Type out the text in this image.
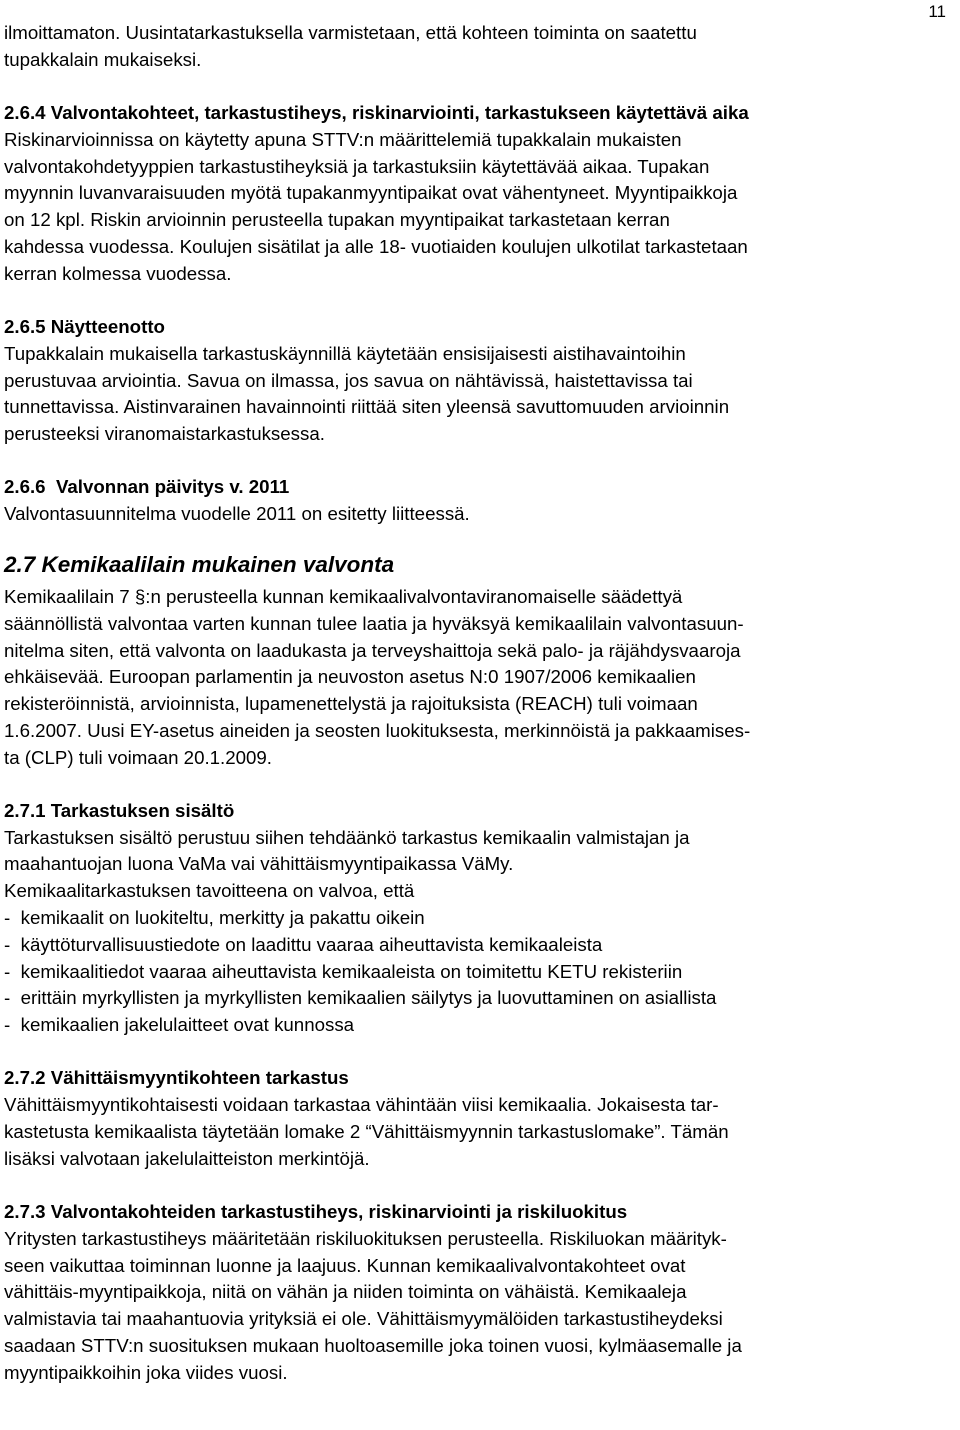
11

ilmoittamaton. Uusintatarkastuksella varmistetaan, että kohteen toiminta on saatettu

tupakkalain mukaiseksi.

2.6.4 Valvontakohteet, tarkastustiheys, riskinarviointi, tarkastukseen käytettävä aika

Riskinarvioinnissa on käytetty apuna STTV:n määrittelemiä tupakkalain mukaisten

valvontakohdetyyppien tarkastustiheyksiä ja tarkastuksiin käytettävää aikaa. Tupakan

myynnin luvanvaraisuuden myötä tupakanmyyntipaikat ovat vähentyneet. Myyntipaikkoja

on 12 kpl. Riskin arvioinnin perusteella tupakan myyntipaikat tarkastetaan kerran

kahdessa vuodessa. Koulujen sisätilat ja alle 18- vuotiaiden koulujen ulkotilat tarkastetaan

kerran kolmessa vuodessa.

2.6.5 Näytteenotto

Tupakkalain mukaisella tarkastuskäynnillä käytetään ensisijaisesti aistihavaintoihin

perustuvaa arviointia. Savua on ilmassa, jos savua on nähtävissä, haistettavissa tai

tunnettavissa. Aistinvarainen havainnointi riittää siten yleensä savuttomuuden arvioinnin

perusteeksi viranomaistarkastuksessa.

2.6.6  Valvonnan päivitys v. 2011

Valvontasuunnitelma vuodelle 2011 on esitetty liitteessä.

2.7 Kemikaalilain mukainen valvonta

Kemikaalilain 7 §:n perusteella kunnan kemikaalivalvontaviranomaiselle säädettyä

säännöllistä valvontaa varten kunnan tulee laatia ja hyväksyä kemikaalilain valvontasuun-

nitelma siten, että valvonta on laadukasta ja terveyshaittoja sekä palo- ja räjähdysvaaroja

ehkäisevää. Euroopan parlamentin ja neuvoston asetus N:0 1907/2006 kemikaalien

rekisteröinnistä, arvioinnista, lupamenettelystä ja rajoituksista (REACH) tuli voimaan

1.6.2007. Uusi EY-asetus aineiden ja seosten luokituksesta, merkinnöistä ja pakkaamises-

ta (CLP) tuli voimaan 20.1.2009.

2.7.1 Tarkastuksen sisältö

Tarkastuksen sisältö perustuu siihen tehdäänkö tarkastus kemikaalin valmistajan ja

maahantuojan luona VaMa vai vähittäismyyntipaikassa VäMy.

Kemikaalitarkastuksen tavoitteena on valvoa, että

-  kemikaalit on luokiteltu, merkitty ja pakattu oikein

-  käyttöturvallisuustiedote on laadittu vaaraa aiheuttavista kemikaaleista

-  kemikaalitiedot vaaraa aiheuttavista kemikaaleista on toimitettu KETU rekisteriin

-  erittäin myrkyllisten ja myrkyllisten kemikaalien säilytys ja luovuttaminen on asiallista

-  kemikaalien jakelulaitteet ovat kunnossa

2.7.2 Vähittäismyyntikohteen tarkastus

Vähittäismyyntikohtaisesti voidaan tarkastaa vähintään viisi kemikaalia. Jokaisesta tar-

kastetusta kemikaalista täytetään lomake 2 “Vähittäismyynnin tarkastuslomake”. Tämän

lisäksi valvotaan jakelulaitteiston merkintöjä.

2.7.3 Valvontakohteiden tarkastustiheys, riskinarviointi ja riskiluokitus

Yritysten tarkastustiheys määritetään riskiluokituksen perusteella. Riskiluokan määrityk-

seen vaikuttaa toiminnan luonne ja laajuus. Kunnan kemikaalivalvontakohteet ovat

vähittäis-myyntipaikkoja, niitä on vähän ja niiden toiminta on vähäistä. Kemikaaleja

valmistavia tai maahantuovia yrityksiä ei ole. Vähittäismyymälöiden tarkastustiheydeksi

saadaan STTV:n suosituksen mukaan huoltoasemille joka toinen vuosi, kylmäasemalle ja

myyntipaikkoihin joka viides vuosi.
